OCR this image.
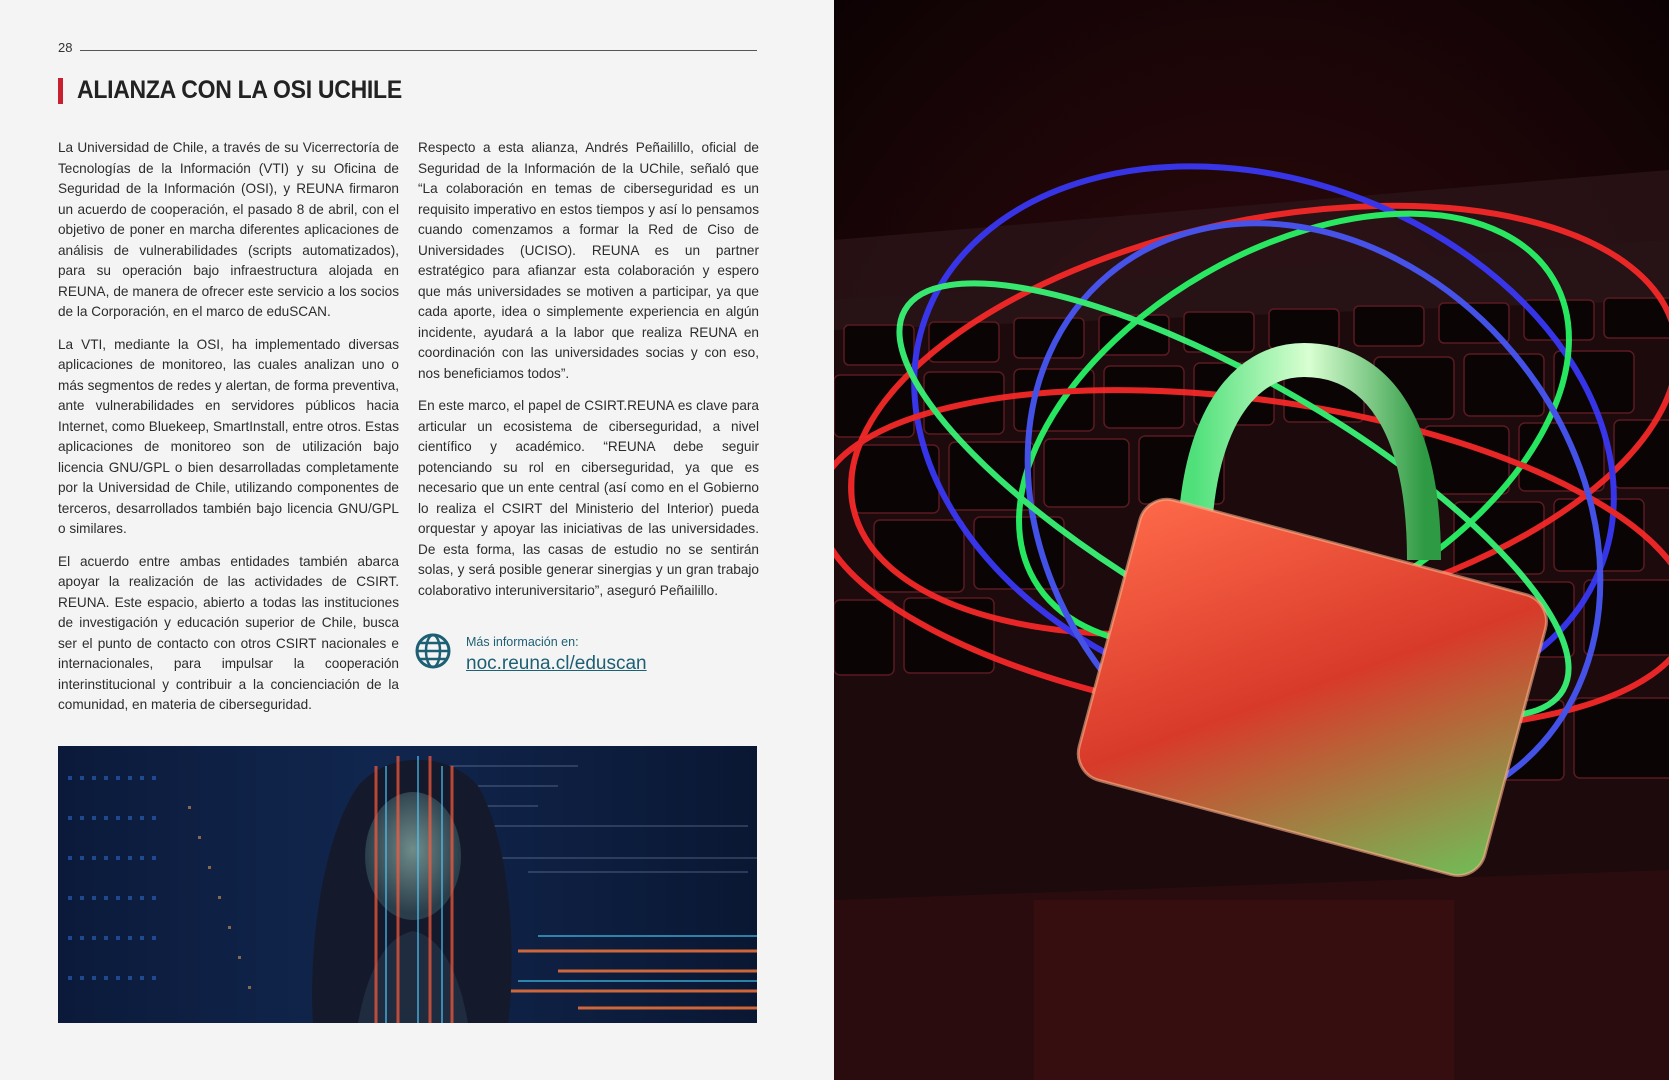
28
ALIANZA CON LA OSI UCHILE

La Universidad de Chile, a través de su Vicerrectoría de Tecnologías de la Información (VTI) y su Oficina de Seguridad de la Información (OSI), y REUNA firmaron un acuerdo de cooperación, el pasado 8 de abril, con el objetivo de poner en marcha diferentes aplicaciones de análisis de vulnerabilidades (scripts automatizados), para su operación bajo infraestructura alojada en REUNA, de manera de ofrecer este servicio a los socios de la Corporación, en el marco de eduSCAN.

La VTI, mediante la OSI, ha implementado diversas aplicaciones de monitoreo, las cuales analizan uno o más segmentos de redes y alertan, de forma preventiva, ante vulnerabilidades en servidores públicos hacia Internet, como Bluekeep, SmartInstall, entre otros. Estas aplicaciones de monitoreo son de utilización bajo licencia GNU/GPL o bien desarrolladas completamente por la Universidad de Chile, utilizando componentes de terceros, desarrollados también bajo licencia GNU/GPL o similares.

El acuerdo entre ambas entidades también abarca apoyar la realización de las actividades de CSIRT. REUNA. Este espacio, abierto a todas las instituciones de investigación y educación superior de Chile, busca ser el punto de contacto con otros CSIRT nacionales e internacionales, para impulsar la cooperación interinstitucional y contribuir a la concienciación de la comunidad, en materia de ciberseguridad.

Respecto a esta alianza, Andrés Peñailillo, oficial de Seguridad de la Información de la UChile, señaló que “La colaboración en temas de ciberseguridad es un requisito imperativo en estos tiempos y así lo pensamos cuando comenzamos a formar la Red de Ciso de Universidades (UCISO). REUNA es un partner estratégico para afianzar esta colaboración y espero que más universidades se motiven a participar, ya que cada aporte, idea o simplemente experiencia en algún incidente, ayudará a la labor que realiza REUNA en coordinación con las universidades socias y con eso, nos beneficiamos todos”.

En este marco, el papel de CSIRT.REUNA es clave para articular un ecosistema de ciberseguridad, a nivel científico y académico. “REUNA debe seguir potenciando su rol en ciberseguridad, ya que es necesario que un ente central (así como en el Gobierno lo realiza el CSIRT del Ministerio del Interior) pueda orquestar y apoyar las iniciativas de las universidades. De esta forma, las casas de estudio no se sentirán solas, y será posible generar sinergias y un gran trabajo colaborativo interuniversitario”, aseguró Peñailillo.

Más información en:
noc.reuna.cl/eduscan
